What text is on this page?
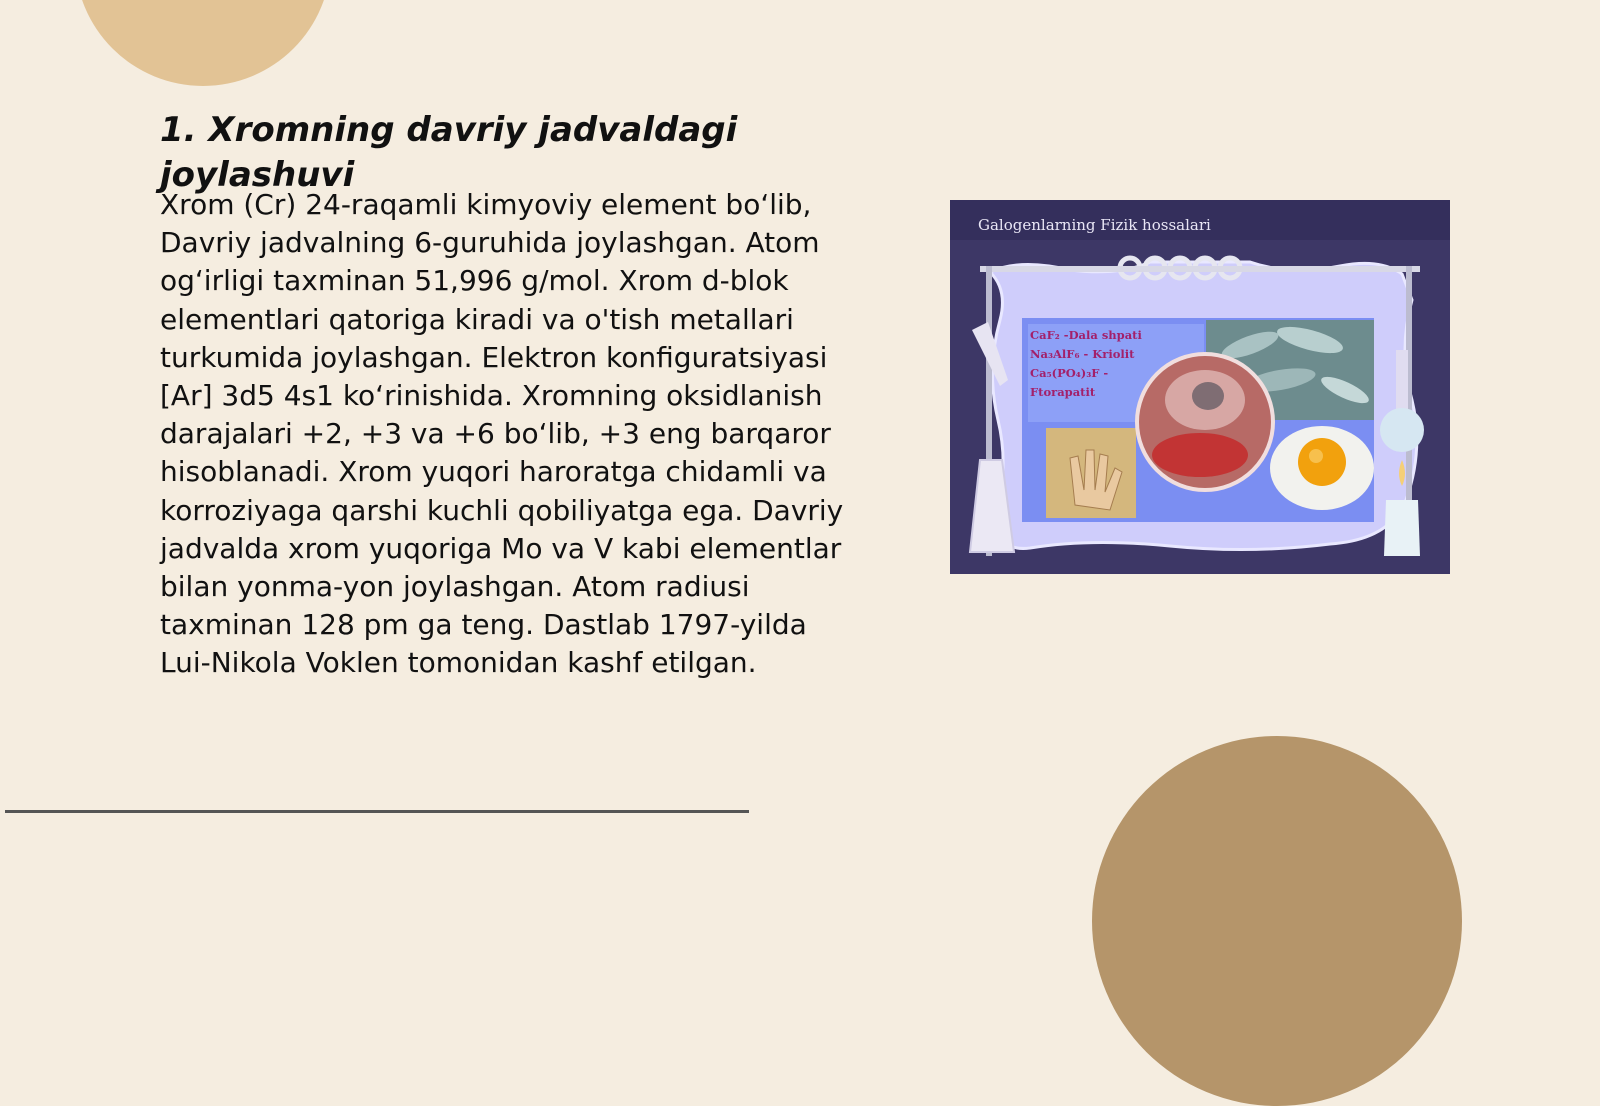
1. Xromning davriy jadvaldagi joylashuvi

Xrom (Cr) 24-raqamli kimyoviy element bo‘lib, Davriy jadvalning 6-guruhida joylashgan. Atom og‘irligi taxminan 51,996 g/mol. Xrom d-blok elementlari qatoriga kiradi va o'tish metallari turkumida joylashgan. Elektron konfiguratsiyasi [Ar] 3d5 4s1 ko‘rinishida. Xromning oksidlanish darajalari +2, +3 va +6 bo‘lib, +3 eng barqaror hisoblanadi. Xrom yuqori haroratga chidamli va korroziyaga qarshi kuchli qobiliyatga ega. Davriy jadvalda xrom yuqoriga Mo va V kabi elementlar bilan yonma-yon joylashgan. Atom radiusi taxminan 128 pm ga teng. Dastlab 1797-yilda Lui-Nikola Voklen tomonidan kashf etilgan.

Galogenlarning Fizik hossalari
CaF₂ -Dala shpati Na₃AlF₆ - Kriolit Ca₅(PO₄)₃F - Ftorapatit
